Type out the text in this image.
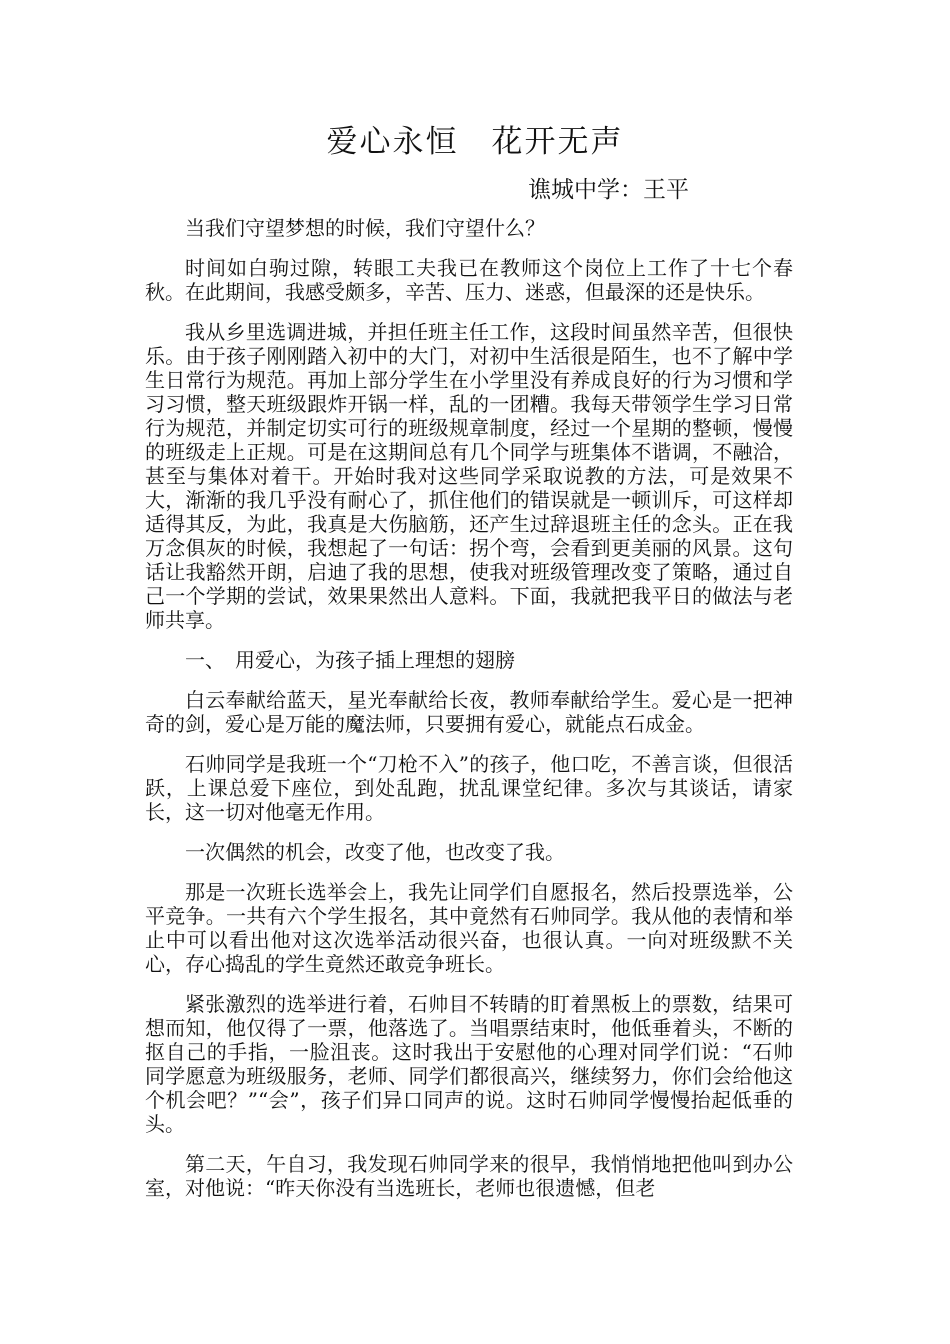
爱心永恒　花开无声
谯城中学：王平

当我们守望梦想的时候，我们守望什么？

时间如白驹过隙，转眼工夫我已在教师这个岗位上工作了十七个春秋。在此期间，我感受颇多，辛苦、压力、迷惑，但最深的还是快乐。

我从乡里选调进城，并担任班主任工作，这段时间虽然辛苦，但很快乐。由于孩子刚刚踏入初中的大门，对初中生活很是陌生，也不了解中学生日常行为规范。再加上部分学生在小学里没有养成良好的行为习惯和学习习惯，整天班级跟炸开锅一样，乱的一团糟。我每天带领学生学习日常行为规范，并制定切实可行的班级规章制度，经过一个星期的整顿，慢慢的班级走上正规。可是在这期间总有几个同学与班集体不谐调，不融洽，甚至与集体对着干。开始时我对这些同学采取说教的方法，可是效果不大，渐渐的我几乎没有耐心了，抓住他们的错误就是一顿训斥，可这样却适得其反，为此，我真是大伤脑筋，还产生过辞退班主任的念头。正在我万念俱灰的时候，我想起了一句话：拐个弯，会看到更美丽的风景。这句话让我豁然开朗，启迪了我的思想，使我对班级管理改变了策略，通过自己一个学期的尝试，效果果然出人意料。下面，我就把我平日的做法与老师共享。

一、　用爱心，为孩子插上理想的翅膀

白云奉献给蓝天，星光奉献给长夜，教师奉献给学生。爱心是一把神奇的剑，爱心是万能的魔法师，只要拥有爱心，就能点石成金。

石帅同学是我班一个“刀枪不入”的孩子，他口吃，不善言谈，但很活跃，上课总爱下座位，到处乱跑，扰乱课堂纪律。多次与其谈话，请家长，这一切对他毫无作用。

一次偶然的机会，改变了他，也改变了我。

那是一次班长选举会上，我先让同学们自愿报名，然后投票选举，公平竞争。一共有六个学生报名，其中竟然有石帅同学。我从他的表情和举止中可以看出他对这次选举活动很兴奋，也很认真。一向对班级默不关心，存心捣乱的学生竟然还敢竞争班长。

紧张激烈的选举进行着，石帅目不转睛的盯着黑板上的票数，结果可想而知，他仅得了一票，他落选了。当唱票结束时，他低垂着头，不断的抠自己的手指，一脸沮丧。这时我出于安慰他的心理对同学们说：“石帅同学愿意为班级服务，老师、同学们都很高兴，继续努力，你们会给他这个机会吧？”“会”，孩子们异口同声的说。这时石帅同学慢慢抬起低垂的头。

第二天，午自习，我发现石帅同学来的很早，我悄悄地把他叫到办公室，对他说：“昨天你没有当选班长，老师也很遗憾，但老
